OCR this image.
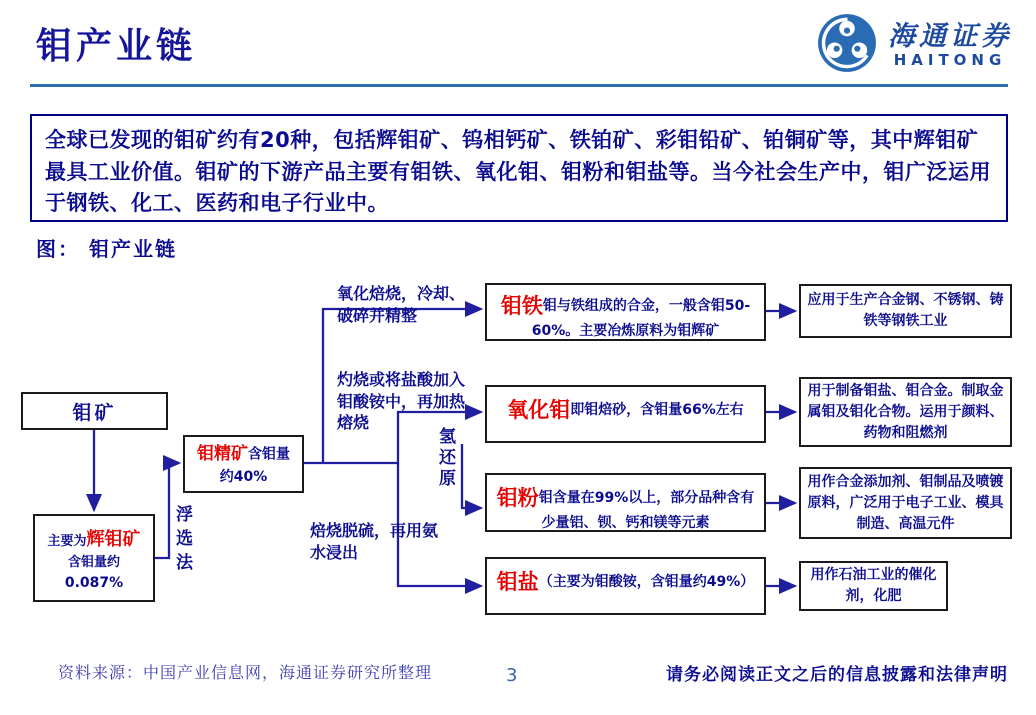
钼产业链	海通证券
HAITONG
全球已发现的钼矿约有20种，包括辉钼矿、钨相钙矿、铁铂矿、彩钼铅矿、铂铜矿等，其中辉钼矿最具工业价值。钼矿的下游产品主要有钼铁、氧化钼、钼粉和钼盐等。当今社会生产中，钼广泛运用于钢铁、化工、医药和电子行业中。
图： 钼产业链
钼矿
主要为辉钼矿含钼量约
0.087%
钼精矿含钼量约40%
氧化焙烧，冷却、破碎并精整
灼烧或将盐酸加入钼酸铵中，再加热熔烧
焙烧脱硫，再用氨水浸出
浮选法
氢还原
钼铁钼与铁组成的合金，一般含钼50-60%。主要冶炼原料为钼辉矿
氧化钼即钼焙砂，含钼量66%左右
钼粉钼含量在99%以上，部分品种含有少量铝、钡、钙和镁等元素
钼盐（主要为钼酸铵，含钼量约49%）
应用于生产合金钢、不锈钢、铸铁等钢铁工业
用于制备钼盐、钼合金。制取金属钼及钼化合物。运用于颜料、药物和阻燃剂
用作合金添加剂、钼制品及喷镀原料，广泛用于电子工业、模具制造、高温元件
用作石油工业的催化剂，化肥
资料来源：中国产业信息网，海通证券研究所整理	3	请务必阅读正文之后的信息披露和法律声明
